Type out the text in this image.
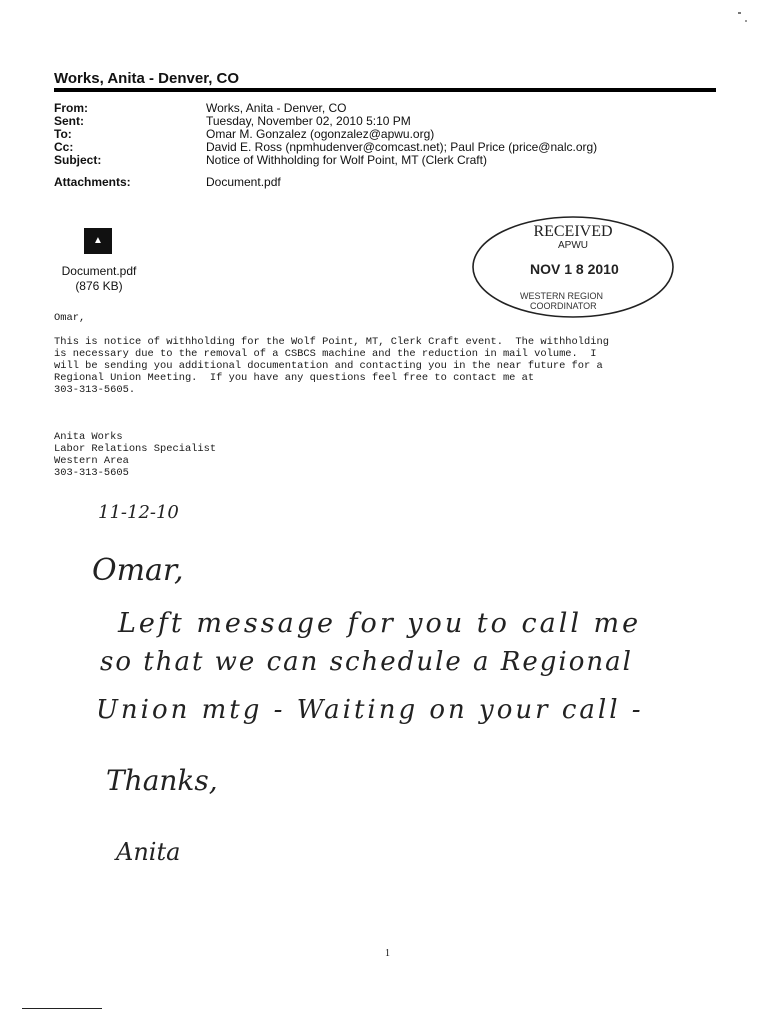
Works, Anita - Denver, CO
From:	Works, Anita - Denver, CO
Sent:	Tuesday, November 02, 2010 5:10 PM
To:	Omar M. Gonzalez (ogonzalez@apwu.org)
Cc:	David E. Ross (npmhudenver@comcast.net); Paul Price (price@nalc.org)
Subject:	Notice of Withholding for Wolf Point, MT (Clerk Craft)
Attachments:	Document.pdf
▲
Document.pdf
(876 KB)
RECEIVED
APWU
NOV 1 8 2010
WESTERN REGION
COORDINATOR
Omar,
This is notice of withholding for the Wolf Point, MT, Clerk Craft event.  The withholding
is necessary due to the removal of a CSBCS machine and the reduction in mail volume.  I
will be sending you additional documentation and contacting you in the near future for a
Regional Union Meeting.  If you have any questions feel free to contact me at
303-313-5605.
Anita Works
Labor Relations Specialist
Western Area
303-313-5605
11-12-10
Omar,
Left message for you to call me
so that we can schedule a Regional
Union mtg - Waiting on your call -
Thanks,
Anita
1
